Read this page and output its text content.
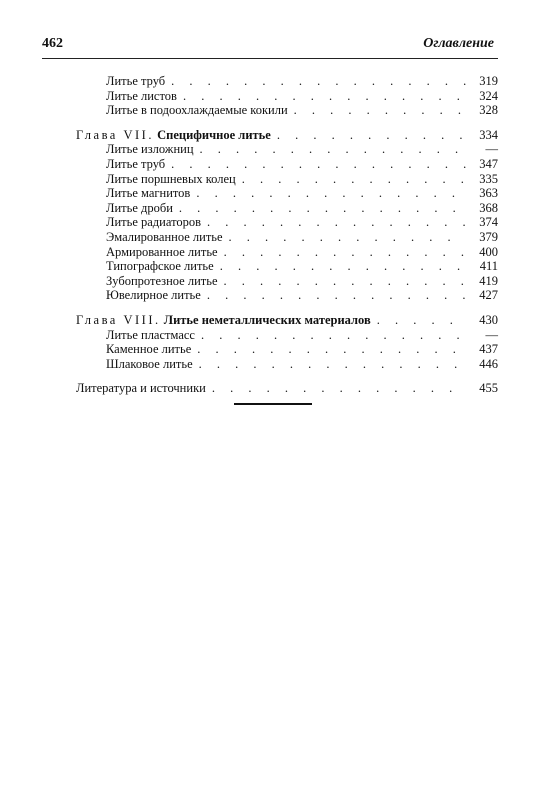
462	Оглавление
Литье труб . . .	319
Литье листов . . .	324
Литье в подоохлаждаемые кокили . . .	328
Глава VII. Специфичное литье . . .	334
Литье изложниц . . .	—
Литье труб . . .	347
Литье поршневых колец . . .	335
Литье магнитов . . .	363
Литье дроби . . .	368
Литье радиаторов . . .	374
Эмалированное литье . . .	379
Армированное литье . . .	400
Типографское литье . . .	411
Зубопротезное литье . . .	419
Ювелирное литье . . .	427
Глава VIII. Литье неметаллических материалов . . .	430
Литье пластмасс . . .	—
Каменное литье . . .	437
Шлаковое литье . . .	446
Литература и источники . . .	455
